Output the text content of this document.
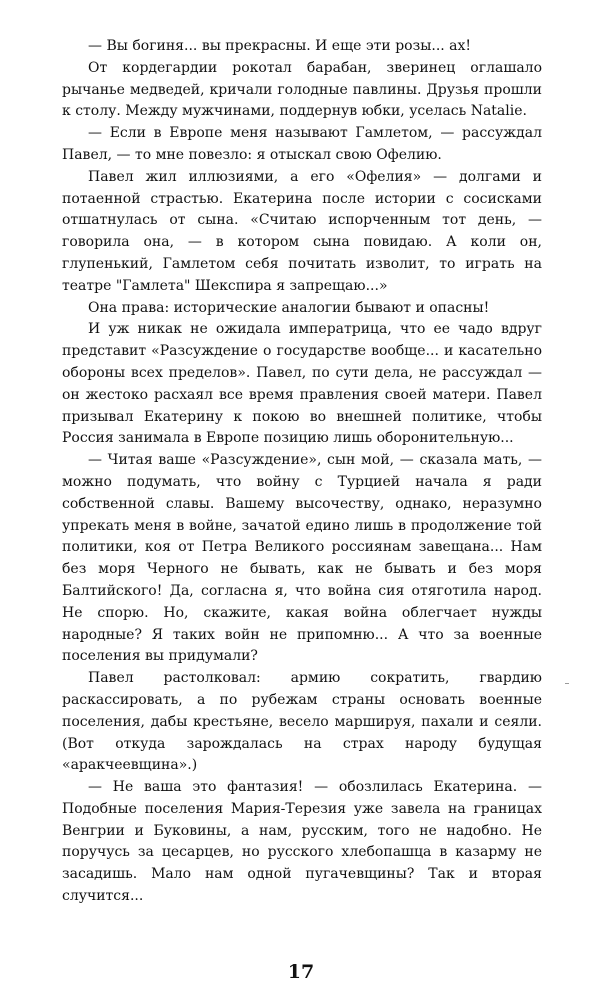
— Вы богиня... вы прекрасны. И еще эти розы... ах!

От кордегардии рокотал барабан, зверинец оглашало рычанье медведей, кричали голодные павлины. Друзья прошли к столу. Между мужчинами, поддернув юбки, уселась Natalie.

— Если в Европе меня называют Гамлетом, — рассуждал Павел, — то мне повезло: я отыскал свою Офелию.

Павел жил иллюзиями, а его «Офелия» — долгами и потаенной страстью. Екатерина после истории с сосисками отшатнулась от сына. «Считаю испорченным тот день, — говорила она, — в котором сына повидаю. А коли он, глупенький, Гамлетом себя почитать изволит, то играть на театре "Гамлета" Шекспира я запрещаю...»

Она права: исторические аналогии бывают и опасны!

И уж никак не ожидала императрица, что ее чадо вдруг представит «Разсуждение о государстве вообще... и касательно обороны всех пределов». Павел, по сути дела, не рассуждал — он жестоко расхаял все время правления своей матери. Павел призывал Екатерину к покою во внешней политике, чтобы Россия занимала в Европе позицию лишь оборонительную...

— Читая ваше «Разсуждение», сын мой, — сказала мать, — можно подумать, что войну с Турцией начала я ради собственной славы. Вашему высочеству, однако, неразумно упрекать меня в войне, зачатой едино лишь в продолжение той политики, коя от Петра Великого россиянам завещана... Нам без моря Черного не бывать, как не бывать и без моря Балтийского! Да, согласна я, что война сия отяготила народ. Не спорю. Но, скажите, какая война облегчает нужды народные? Я таких войн не припомню... А что за военные поселения вы придумали?

Павел растолковал: армию сократить, гвардию раскассировать, а по рубежам страны основать военные поселения, дабы крестьяне, весело маршируя, пахали и сеяли. (Вот откуда зарождалась на страх народу будущая «аракчеевщина».)

— Не ваша это фантазия! — обозлилась Екатерина. — Подобные поселения Мария-Терезия уже завела на границах Венгрии и Буковины, а нам, русским, того не надобно. Не поручусь за цесарцев, но русского хлебопашца в казарму не засадишь. Мало нам одной пугачевщины? Так и вторая случится...

17
